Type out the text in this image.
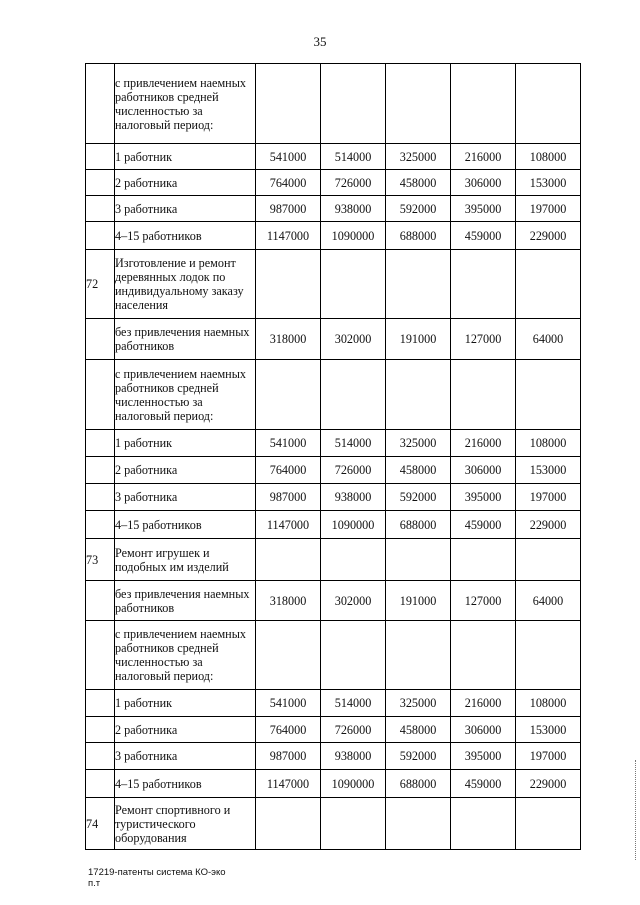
35
	с привлечением наемных работников средней численностью за налоговый период:					
	1 работник	541000	514000	325000	216000	108000
	2 работника	764000	726000	458000	306000	153000
	3 работника	987000	938000	592000	395000	197000
	4–15 работников	1147000	1090000	688000	459000	229000
72	Изготовление и ремонт деревянных лодок по индивидуальному заказу населения					
	без привлечения наемных работников	318000	302000	191000	127000	64000
	с привлечением наемных работников средней численностью за налоговый период:					
	1 работник	541000	514000	325000	216000	108000
	2 работника	764000	726000	458000	306000	153000
	3 работника	987000	938000	592000	395000	197000
	4–15 работников	1147000	1090000	688000	459000	229000
73	Ремонт игрушек и подобных им изделий					
	без привлечения наемных работников	318000	302000	191000	127000	64000
	с привлечением наемных работников средней численностью за налоговый период:					
	1 работник	541000	514000	325000	216000	108000
	2 работника	764000	726000	458000	306000	153000
	3 работника	987000	938000	592000	395000	197000
	4–15 работников	1147000	1090000	688000	459000	229000
74	Ремонт спортивного и туристического оборудования					
17219-патенты система КО-эко
п.т
